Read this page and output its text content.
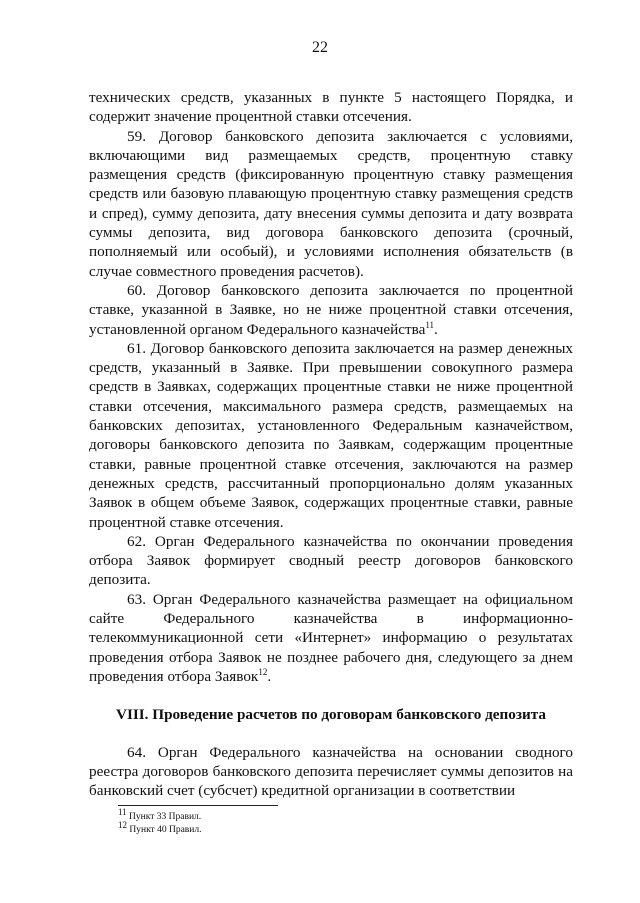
22

технических средств, указанных в пункте 5 настоящего Порядка, и содержит значение процентной ставки отсечения.

59. Договор банковского депозита заключается с условиями, включающими вид размещаемых средств, процентную ставку размещения средств (фиксированную процентную ставку размещения средств или базовую плавающую процентную ставку размещения средств и спред), сумму депозита, дату внесения суммы депозита и дату возврата суммы депозита, вид договора банковского депозита (срочный, пополняемый или особый), и условиями исполнения обязательств (в случае совместного проведения расчетов).

60. Договор банковского депозита заключается по процентной ставке, указанной в Заявке, но не ниже процентной ставки отсечения, установленной органом Федерального казначейства$^{11}$.

61. Договор банковского депозита заключается на размер денежных средств, указанный в Заявке. При превышении совокупного размера средств в Заявках, содержащих процентные ставки не ниже процентной ставки отсечения, максимального размера средств, размещаемых на банковских депозитах, установленного Федеральным казначейством, договоры банковского депозита по Заявкам, содержащим процентные ставки, равные процентной ставке отсечения, заключаются на размер денежных средств, рассчитанный пропорционально долям указанных Заявок в общем объеме Заявок, содержащих процентные ставки, равные процентной ставке отсечения.

62. Орган Федерального казначейства по окончании проведения отбора Заявок формирует сводный реестр договоров банковского депозита.

63. Орган Федерального казначейства размещает на официальном сайте Федерального казначейства в информационно-телекоммуникационной сети «Интернет» информацию о результатах проведения отбора Заявок не позднее рабочего дня, следующего за днем проведения отбора Заявок$^{12}$.

VIII. Проведение расчетов по договорам банковского депозита

64. Орган Федерального казначейства на основании сводного реестра договоров банковского депозита перечисляет суммы депозитов на банковский счет (субсчет) кредитной организации в соответствии

$^{11}$ Пункт 33 Правил.

$^{12}$ Пункт 40 Правил.
